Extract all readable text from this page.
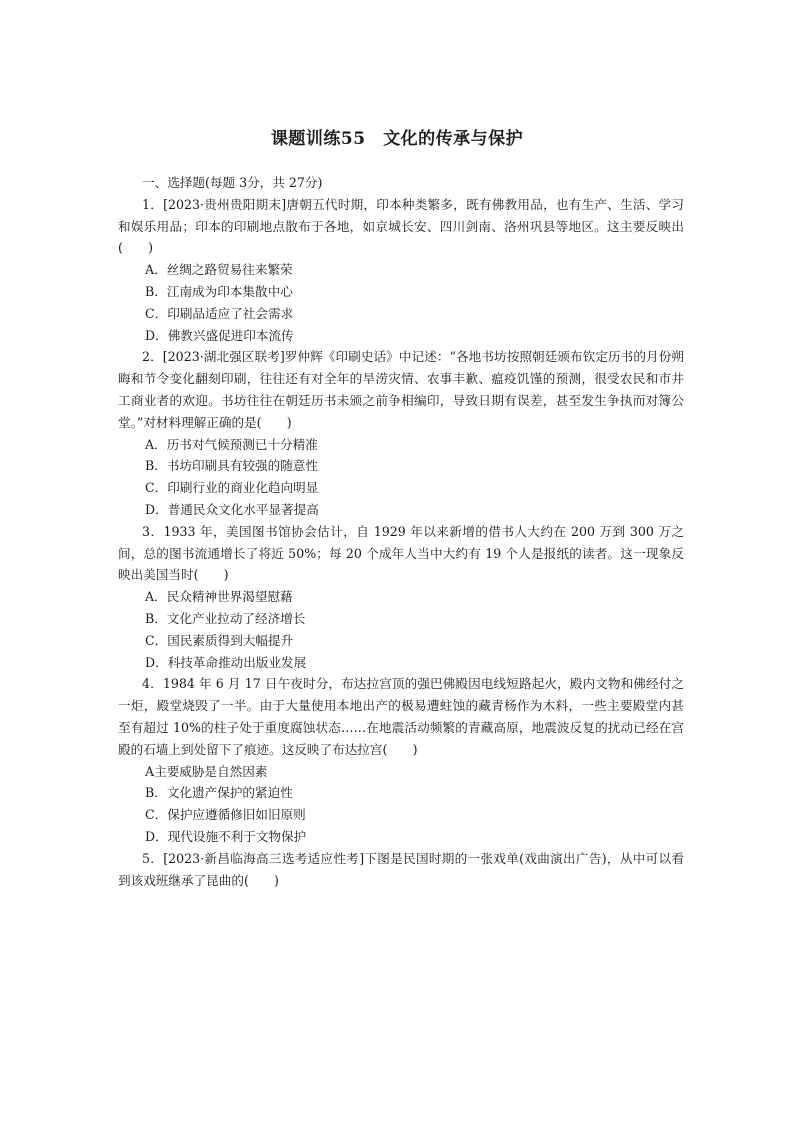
课题训练55　文化的传承与保护

一、选择题(每题 3分，共 27分)

1．[2023·贵州贵阳期末]唐朝五代时期，印本种类繁多，既有佛教用品，也有生产、生活、学习和娱乐用品；印本的印刷地点散布于各地，如京城长安、四川剑南、洛州巩县等地区。这主要反映出(　　)

A．丝绸之路贸易往来繁荣

B．江南成为印本集散中心

C．印刷品适应了社会需求

D．佛教兴盛促进印本流传

2．[2023·湖北强区联考]罗仲辉《印刷史话》中记述：“各地书坊按照朝廷颁布钦定历书的月份朔晦和节令变化翻刻印刷，往往还有对全年的旱涝灾情、农事丰歉、瘟疫饥馑的预测，很受农民和市井工商业者的欢迎。书坊往往在朝廷历书未颁之前争相编印，导致日期有误差，甚至发生争执而对簿公堂。”对材料理解正确的是(　　)

A．历书对气候预测已十分精准

B．书坊印刷具有较强的随意性

C．印刷行业的商业化趋向明显

D．普通民众文化水平显著提高

3．1933 年，美国图书馆协会估计，自 1929 年以来新增的借书人大约在 200 万到 300 万之间，总的图书流通增长了将近 50%；每 20 个成年人当中大约有 19 个人是报纸的读者。这一现象反映出美国当时(　　)

A．民众精神世界渴望慰藉

B．文化产业拉动了经济增长

C．国民素质得到大幅提升

D．科技革命推动出版业发展

4．1984 年 6 月 17 日午夜时分，布达拉宫顶的强巴佛殿因电线短路起火，殿内文物和佛经付之一炬，殿堂烧毁了一半。由于大量使用本地出产的极易遭蛀蚀的藏青杨作为木料，一些主要殿堂内甚至有超过 10%的柱子处于重度腐蚀状态……在地震活动频繁的青藏高原，地震波反复的扰动已经在宫殿的石墙上到处留下了痕迹。这反映了布达拉宫(　　)

A主要威胁是自然因素

B．文化遗产保护的紧迫性

C．保护应遵循修旧如旧原则

D．现代设施不利于文物保护

5．[2023·新昌临海高三选考适应性考]下图是民国时期的一张戏单(戏曲演出广告)，从中可以看到该戏班继承了昆曲的(　　)
